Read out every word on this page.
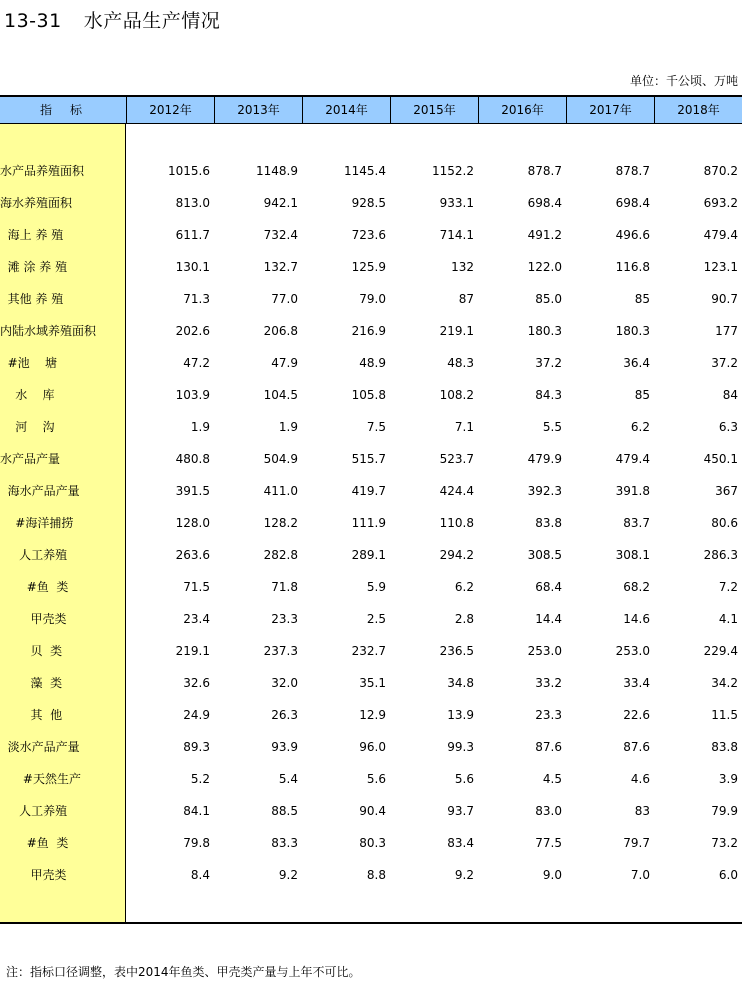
13-31 水产品生产情况
单位：千公顷、万吨
指标	2012年	2013年	2014年	2015年	2016年	2017年	2018年
水产品养殖面积	1015.6	1148.9	1145.4	1152.2	878.7	878.7	870.2
海水养殖面积	813.0	942.1	928.5	933.1	698.4	698.4	693.2
海上 养 殖	611.7	732.4	723.6	714.1	491.2	496.6	479.4
滩 涂 养 殖	130.1	132.7	125.9	132	122.0	116.8	123.1
其他 养 殖	71.3	77.0	79.0	87	85.0	85	90.7
内陆水域养殖面积	202.6	206.8	216.9	219.1	180.3	180.3	177
#池    塘	47.2	47.9	48.9	48.3	37.2	36.4	37.2
水    库	103.9	104.5	105.8	108.2	84.3	85	84
河    沟	1.9	1.9	7.5	7.1	5.5	6.2	6.3
水产品产量	480.8	504.9	515.7	523.7	479.9	479.4	450.1
海水产品产量	391.5	411.0	419.7	424.4	392.3	391.8	367
#海洋捕捞	128.0	128.2	111.9	110.8	83.8	83.7	80.6
人工养殖	263.6	282.8	289.1	294.2	308.5	308.1	286.3
#鱼  类	71.5	71.8	5.9	6.2	68.4	68.2	7.2
甲壳类	23.4	23.3	2.5	2.8	14.4	14.6	4.1
贝  类	219.1	237.3	232.7	236.5	253.0	253.0	229.4
藻  类	32.6	32.0	35.1	34.8	33.2	33.4	34.2
其  他	24.9	26.3	12.9	13.9	23.3	22.6	11.5
淡水产品产量	89.3	93.9	96.0	99.3	87.6	87.6	83.8
#天然生产	5.2	5.4	5.6	5.6	4.5	4.6	3.9
人工养殖	84.1	88.5	90.4	93.7	83.0	83	79.9
#鱼  类	79.8	83.3	80.3	83.4	77.5	79.7	73.2
甲壳类	8.4	9.2	8.8	9.2	9.0	7.0	6.0
注：指标口径调整，表中2014年鱼类、甲壳类产量与上年不可比。
